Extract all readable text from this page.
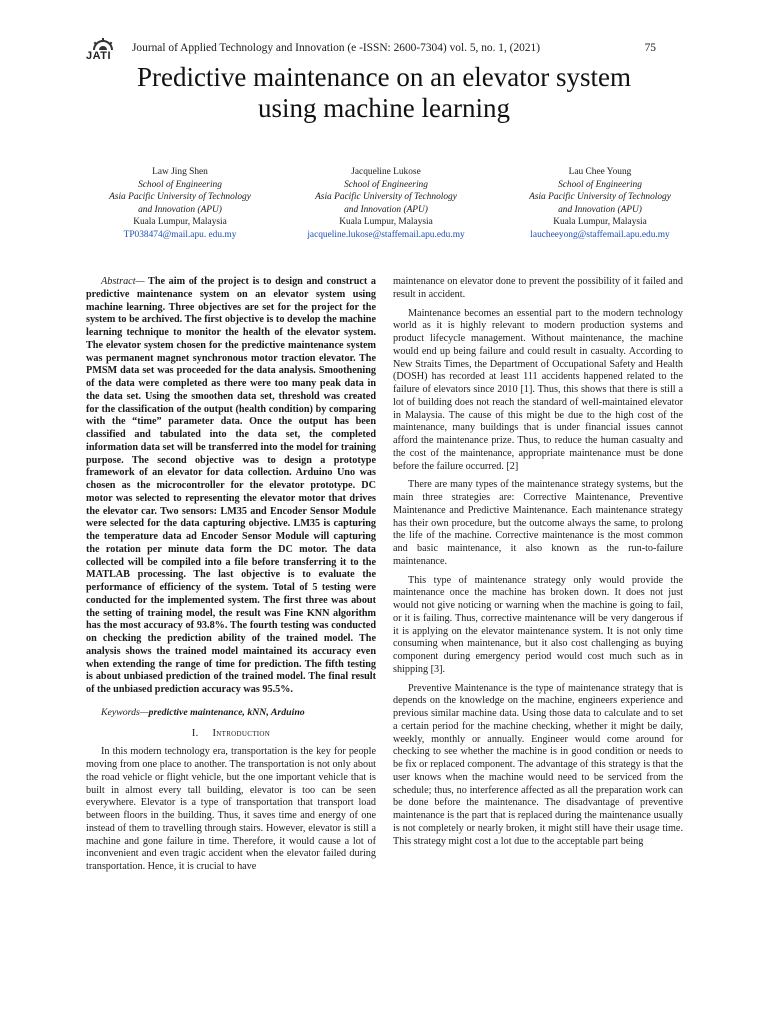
JATI
Journal of Applied Technology and Innovation (e -ISSN: 2600-7304) vol. 5, no. 1, (2021)	75
Predictive maintenance on an elevator system
using machine learning
Law Jing Shen
School of Engineering
Asia Pacific University of Technology
and Innovation (APU)
Kuala Lumpur, Malaysia
TP038474@mail.apu. edu.my
Jacqueline Lukose
School of Engineering
Asia Pacific University of Technology
and Innovation (APU)
Kuala Lumpur, Malaysia
jacqueline.lukose@staffemail.apu.edu.my
Lau Chee Young
School of Engineering
Asia Pacific University of Technology
and Innovation (APU)
Kuala Lumpur, Malaysia
laucheeyong@staffemail.apu.edu.my

Abstract— The aim of the project is to design and construct a predictive maintenance system on an elevator system using machine learning. Three objectives are set for the project for the system to be archived. The first objective is to develop the machine learning technique to monitor the health of the elevator system. The elevator system chosen for the predictive maintenance system was permanent magnet synchronous motor traction elevator. The PMSM data set was proceeded for the data analysis. Smoothening of the data were completed as there were too many peak data in the data set. Using the smoothen data set, threshold was created for the classification of the output (health condition) by comparing with the “time” parameter data. Once the output has been classified and tabulated into the data set, the completed information data set will be transferred into the model for training purpose. The second objective was to design a prototype framework of an elevator for data collection. Arduino Uno was chosen as the microcontroller for the elevator prototype. DC motor was selected to representing the elevator motor that drives the elevator car. Two sensors: LM35 and Encoder Sensor Module were selected for the data capturing objective. LM35 is capturing the temperature data ad Encoder Sensor Module will capturing the rotation per minute data form the DC motor. The data collected will be compiled into a file before transferring it to the MATLAB processing. The last objective is to evaluate the performance of efficiency of the system. Total of 5 testing were conducted for the implemented system. The first three was about the setting of training model, the result was Fine KNN algorithm has the most accuracy of 93.8%. The fourth testing was conducted on checking the prediction ability of the trained model. The analysis shows the trained model maintained its accuracy even when extending the range of time for prediction. The fifth testing is about unbiased prediction of the trained model. The final result of the unbiased prediction accuracy was 95.5%.

Keywords—predictive maintenance, kNN, Arduino

I. Introduction

In this modern technology era, transportation is the key for people moving from one place to another. The transportation is not only about the road vehicle or flight vehicle, but the one important vehicle that is built in almost every tall building, elevator is too can be seen everywhere. Elevator is a type of transportation that transport load between floors in the building. Thus, it saves time and energy of one instead of them to travelling through stairs. However, elevator is still a machine and gone failure in time. Therefore, it would cause a lot of inconvenient and even tragic accident when the elevator failed during transportation. Hence, it is crucial to have

maintenance on elevator done to prevent the possibility of it failed and result in accident.

Maintenance becomes an essential part to the modern technology world as it is highly relevant to modern production systems and product lifecycle management. Without maintenance, the machine would end up being failure and could result in casualty. According to New Straits Times, the Department of Occupational Safety and Health (DOSH) has recorded at least 111 accidents happened related to the failure of elevators since 2010 [1]. Thus, this shows that there is still a lot of building does not reach the standard of well-maintained elevator in Malaysia. The cause of this might be due to the high cost of the maintenance, many buildings that is under financial issues cannot afford the maintenance prize. Thus, to reduce the human casualty and the cost of the maintenance, appropriate maintenance must be done before the failure occurred. [2]

There are many types of the maintenance strategy systems, but the main three strategies are: Corrective Maintenance, Preventive Maintenance and Predictive Maintenance. Each maintenance strategy has their own procedure, but the outcome always the same, to prolong the life of the machine. Corrective maintenance is the most common and basic maintenance, it also known as the run-to-failure maintenance.

This type of maintenance strategy only would provide the maintenance once the machine has broken down. It does not just would not give noticing or warning when the machine is going to fail, or it is failing. Thus, corrective maintenance will be very dangerous if it is applying on the elevator maintenance system. It is not only time consuming when maintenance, but it also cost challenging as buying component during emergency period would cost much such as in shipping [3].

Preventive Maintenance is the type of maintenance strategy that is depends on the knowledge on the machine, engineers experience and previous similar machine data. Using those data to calculate and to set a certain period for the machine checking, whether it might be daily, weekly, monthly or annually. Engineer would come around for checking to see whether the machine is in good condition or needs to be fix or replaced component. The advantage of this strategy is that the user knows when the machine would need to be serviced from the schedule; thus, no interference affected as all the preparation work can be done before the maintenance. The disadvantage of preventive maintenance is the part that is replaced during the maintenance usually is not completely or nearly broken, it might still have their usage time. This strategy might cost a lot due to the acceptable part being
